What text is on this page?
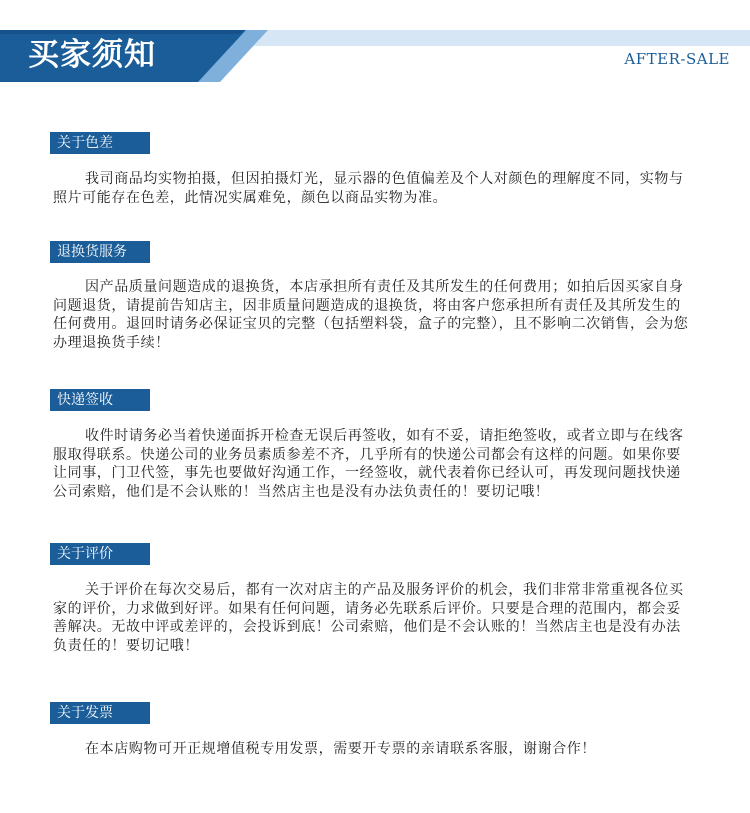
买家须知	AFTER-SALE
关于色差

我司商品均实物拍摄，但因拍摄灯光，显示器的色值偏差及个人对颜色的理解度不同，实物与照片可能存在色差，此情况实属难免，颜色以商品实物为准。

退换货服务

因产品质量问题造成的退换货，本店承担所有责任及其所发生的任何费用；如拍后因买家自身问题退货，请提前告知店主，因非质量问题造成的退换货，将由客户您承担所有责任及其所发生的任何费用。退回时请务必保证宝贝的完整（包括塑料袋，盒子的完整），且不影响二次销售，会为您办理退换货手续！

快递签收

收件时请务必当着快递面拆开检查无误后再签收，如有不妥，请拒绝签收，或者立即与在线客服取得联系。快递公司的业务员素质参差不齐，几乎所有的快递公司都会有这样的问题。如果你要让同事，门卫代签，事先也要做好沟通工作，一经签收，就代表着你已经认可，再发现问题找快递公司索赔，他们是不会认账的！当然店主也是没有办法负责任的！要切记哦！

关于评价

关于评价在每次交易后，都有一次对店主的产品及服务评价的机会，我们非常非常重视各位买家的评价，力求做到好评。如果有任何问题，请务必先联系后评价。只要是合理的范围内，都会妥善解决。无故中评或差评的，会投诉到底！公司索赔，他们是不会认账的！当然店主也是没有办法负责任的！要切记哦！

关于发票

在本店购物可开正规增值税专用发票，需要开专票的亲请联系客服，谢谢合作！
